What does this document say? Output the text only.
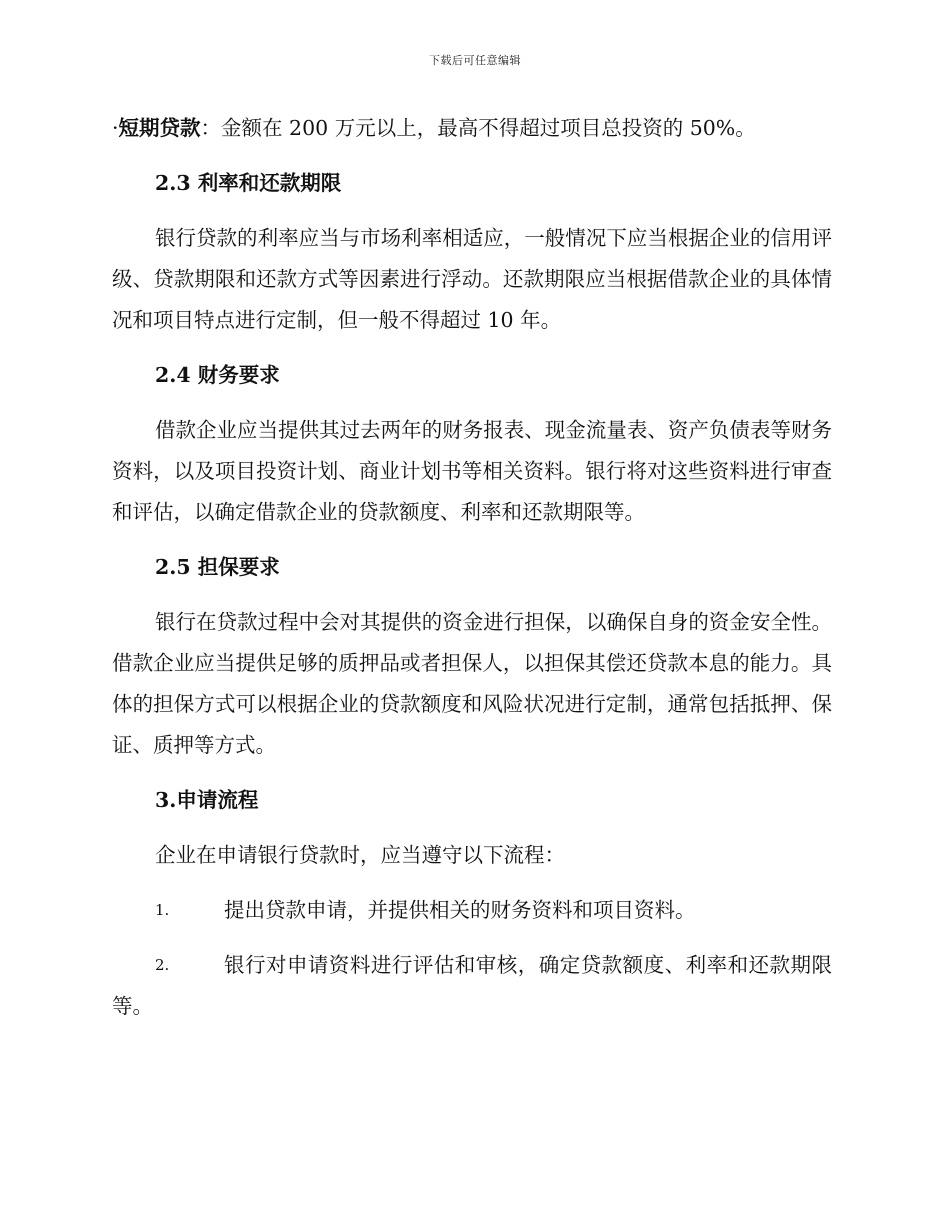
下载后可任意编辑

·短期贷款：金额在 200 万元以上，最高不得超过项目总投资的 50%。

2.3 利率和还款期限

银行贷款的利率应当与市场利率相适应，一般情况下应当根据企业的信用评级、贷款期限和还款方式等因素进行浮动。还款期限应当根据借款企业的具体情况和项目特点进行定制，但一般不得超过 10 年。

2.4 财务要求

借款企业应当提供其过去两年的财务报表、现金流量表、资产负债表等财务资料，以及项目投资计划、商业计划书等相关资料。银行将对这些资料进行审查和评估，以确定借款企业的贷款额度、利率和还款期限等。

2.5 担保要求

银行在贷款过程中会对其提供的资金进行担保，以确保自身的资金安全性。借款企业应当提供足够的质押品或者担保人，以担保其偿还贷款本息的能力。具体的担保方式可以根据企业的贷款额度和风险状况进行定制，通常包括抵押、保证、质押等方式。

3.申请流程

企业在申请银行贷款时，应当遵守以下流程：

1.	提出贷款申请，并提供相关的财务资料和项目资料。

2.	银行对申请资料进行评估和审核，确定贷款额度、利率和还款期限等。
